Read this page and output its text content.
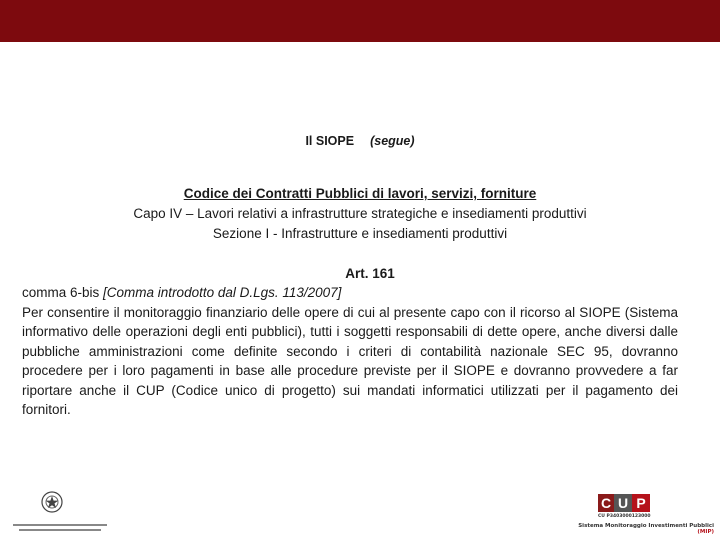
Il SIOPE (segue)
Codice dei Contratti Pubblici di lavori, servizi, forniture
Capo IV – Lavori relativi a infrastrutture strategiche e insediamenti produttivi
Sezione I - Infrastrutture e insediamenti produttivi
Art. 161
comma 6-bis [Comma introdotto dal D.Lgs. 113/2007]
Per consentire il monitoraggio finanziario delle opere di cui al presente capo con il ricorso al SIOPE (Sistema informativo delle operazioni degli enti pubblici), tutti i soggetti responsabili di dette opere, anche diversi dalle pubbliche amministrazioni come definite secondo i criteri di contabilità nazionale SEC 95, dovranno procedere per i loro pagamenti in base alle procedure previste per il SIOPE e dovranno provvedere a far riportare anche il CUP (Codice unico di progetto) sui mandati informatici utilizzati per il pagamento dei fornitori.
C U P
CU P3403000123000
Sistema Monitoraggio Investimenti Pubblici (MIP)
